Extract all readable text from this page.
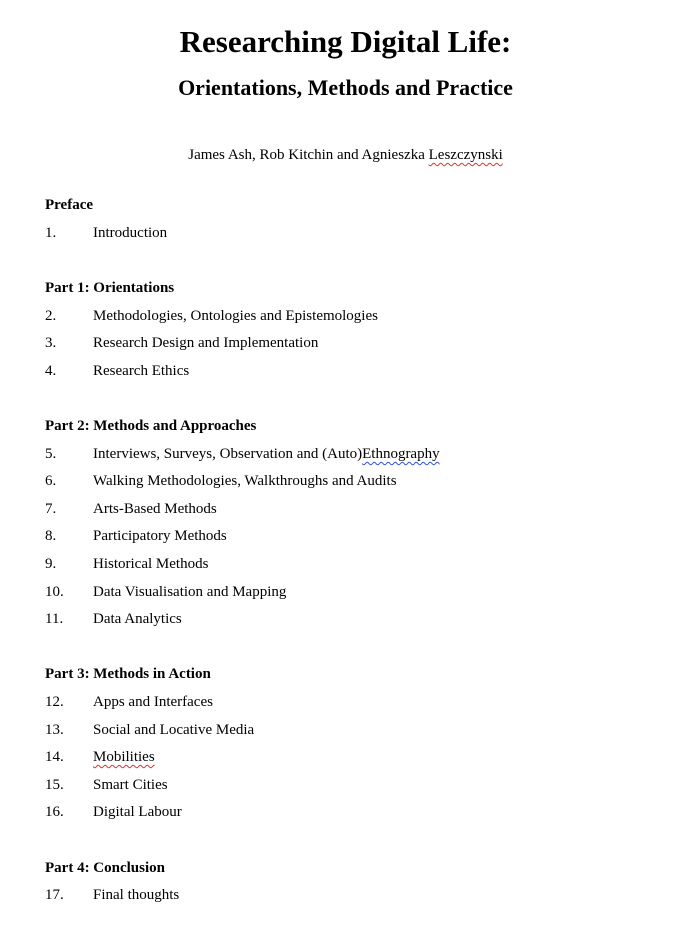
Researching Digital Life:
Orientations, Methods and Practice
James Ash, Rob Kitchin and Agnieszka Leszczynski
Preface
1. Introduction
Part 1: Orientations
2. Methodologies, Ontologies and Epistemologies
3. Research Design and Implementation
4. Research Ethics
Part 2: Methods and Approaches
5. Interviews, Surveys, Observation and (Auto)Ethnography
6. Walking Methodologies, Walkthroughs and Audits
7. Arts-Based Methods
8. Participatory Methods
9. Historical Methods
10. Data Visualisation and Mapping
11. Data Analytics
Part 3: Methods in Action
12. Apps and Interfaces
13. Social and Locative Media
14. Mobilities
15. Smart Cities
16. Digital Labour
Part 4: Conclusion
17. Final thoughts
